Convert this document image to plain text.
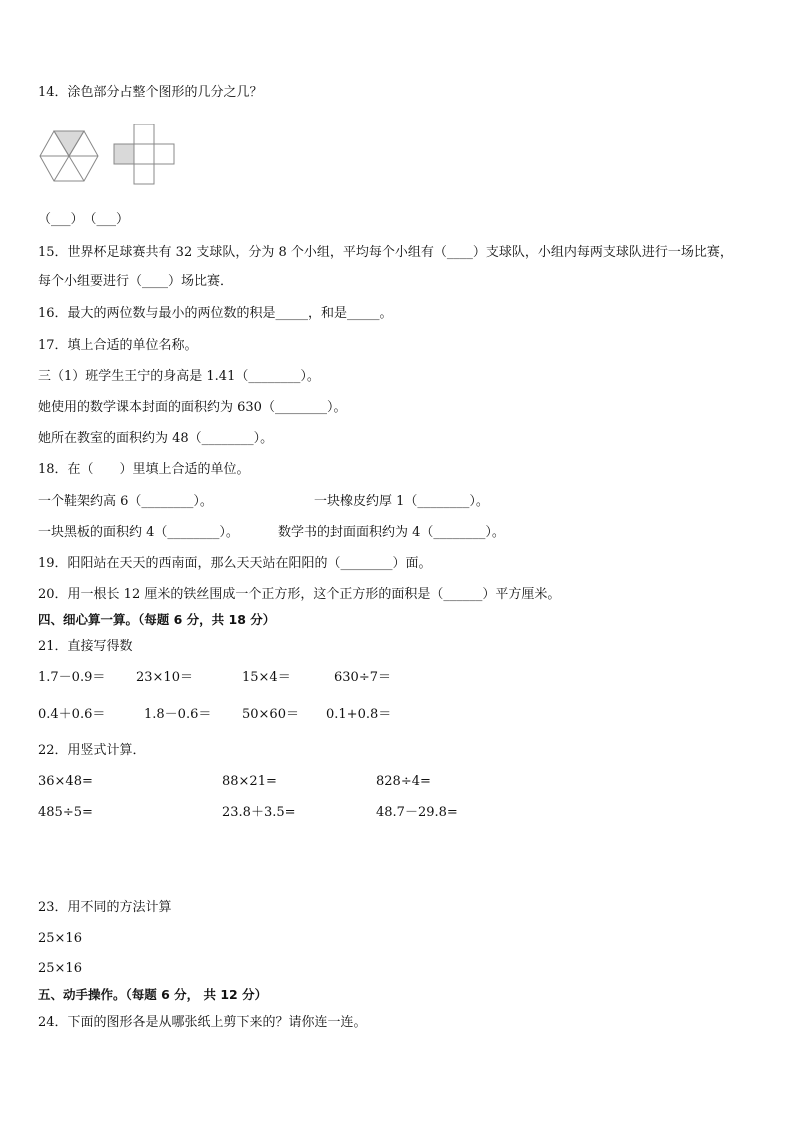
14．涂色部分占整个图形的几分之几？
（___）　（___）
15．世界杯足球赛共有 32 支球队，分为 8 个小组，平均每个小组有（____）支球队，小组内每两支球队进行一场比赛，
每个小组要进行（____）场比赛．
16．最大的两位数与最小的两位数的积是_____，和是_____。
17．填上合适的单位名称。
三（1）班学生王宁的身高是 1.41（________）。
她使用的数学课本封面的面积约为 630（________）。
她所在教室的面积约为 48（________）。
18．在（　　）里填上合适的单位。
一个鞋架约高 6（________）。	一块橡皮约厚 1（________）。
一块黑板的面积约 4（________）。	数学书的封面面积约为 4（________）。
19．阳阳站在天天的西南面，那么天天站在阳阳的（________）面。
20．用一根长 12 厘米的铁丝围成一个正方形，这个正方形的面积是（______）平方厘米。
四、细心算一算。（每题 6 分，共 18 分）
21．直接写得数
1.7－0.9＝ 23×10＝	15×4＝	630÷7＝
0.4＋0.6＝	1.8－0.6＝ 50×60＝ 0.1+0.8＝
22．用竖式计算．
36×48=	88×21=	828÷4=
485÷5=	23.8＋3.5=	48.7－29.8=
23．用不同的方法计算
25×16
25×16
五、动手操作。（每题 6 分， 共 12 分）
24．下面的图形各是从哪张纸上剪下来的？请你连一连。
